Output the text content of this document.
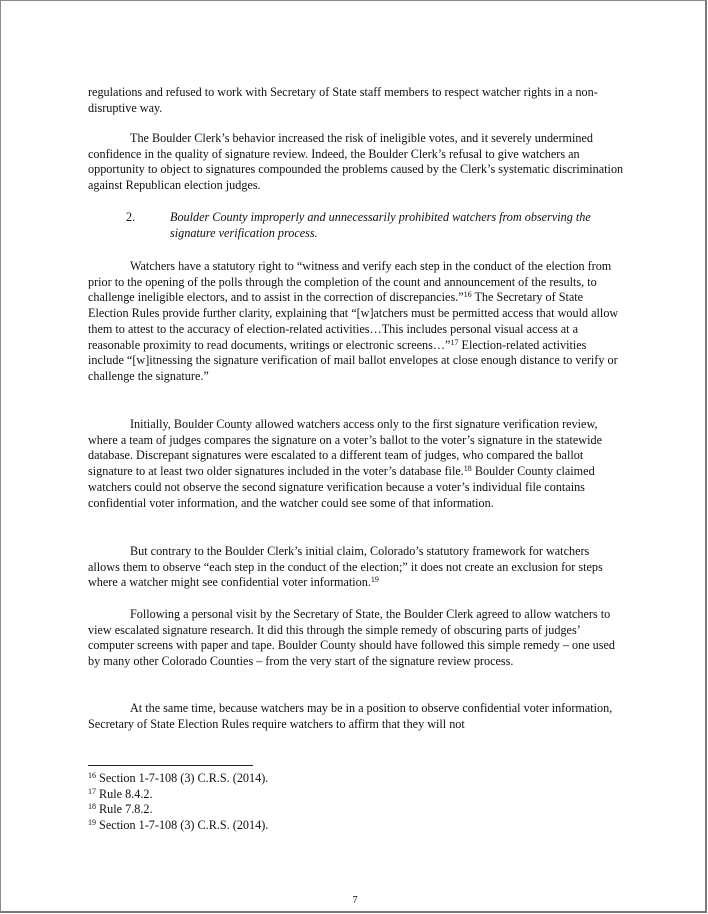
regulations and refused to work with Secretary of State staff members to respect watcher rights in a non- disruptive way.
The Boulder Clerk’s behavior increased the risk of ineligible votes, and it severely undermined confidence in the quality of signature review. Indeed, the Boulder Clerk’s refusal to give watchers an opportunity to object to signatures compounded the problems caused by the Clerk’s systematic discrimination against Republican election judges.
2.	Boulder County improperly and unnecessarily prohibited watchers from observing the signature verification process.
Watchers have a statutory right to “witness and verify each step in the conduct of the election from prior to the opening of the polls through the completion of the count and announcement of the results, to challenge ineligible electors, and to assist in the correction of discrepancies.”$^{16}$ The Secretary of State Election Rules provide further clarity, explaining that “[w]atchers must be permitted access that would allow them to attest to the accuracy of election-related activities…This includes personal visual access at a reasonable proximity to read documents, writings or electronic screens…”$^{17}$ Election-related activities include “[w]itnessing the signature verification of mail ballot envelopes at close enough distance to verify or challenge the signature.”
Initially, Boulder County allowed watchers access only to the first signature verification review, where a team of judges compares the signature on a voter’s ballot to the voter’s signature in the statewide database. Discrepant signatures were escalated to a different team of judges, who compared the ballot signature to at least two older signatures included in the voter’s database file.$^{18}$ Boulder County claimed watchers could not observe the second signature verification because a voter’s individual file contains confidential voter information, and the watcher could see some of that information.
But contrary to the Boulder Clerk’s initial claim, Colorado’s statutory framework for watchers allows them to observe “each step in the conduct of the election;” it does not create an exclusion for steps where a watcher might see confidential voter information.$^{19}$
Following a personal visit by the Secretary of State, the Boulder Clerk agreed to allow watchers to view escalated signature research. It did this through the simple remedy of obscuring parts of judges’ computer screens with paper and tape. Boulder County should have followed this simple remedy – one used by many other Colorado Counties – from the very start of the signature review process.
At the same time, because watchers may be in a position to observe confidential voter information, Secretary of State Election Rules require watchers to affirm that they will not
$^{16}$ Section 1-7-108 (3) C.R.S. (2014).
$^{17}$ Rule 8.4.2.
$^{18}$ Rule 7.8.2.
$^{19}$ Section 1-7-108 (3) C.R.S. (2014).
7
